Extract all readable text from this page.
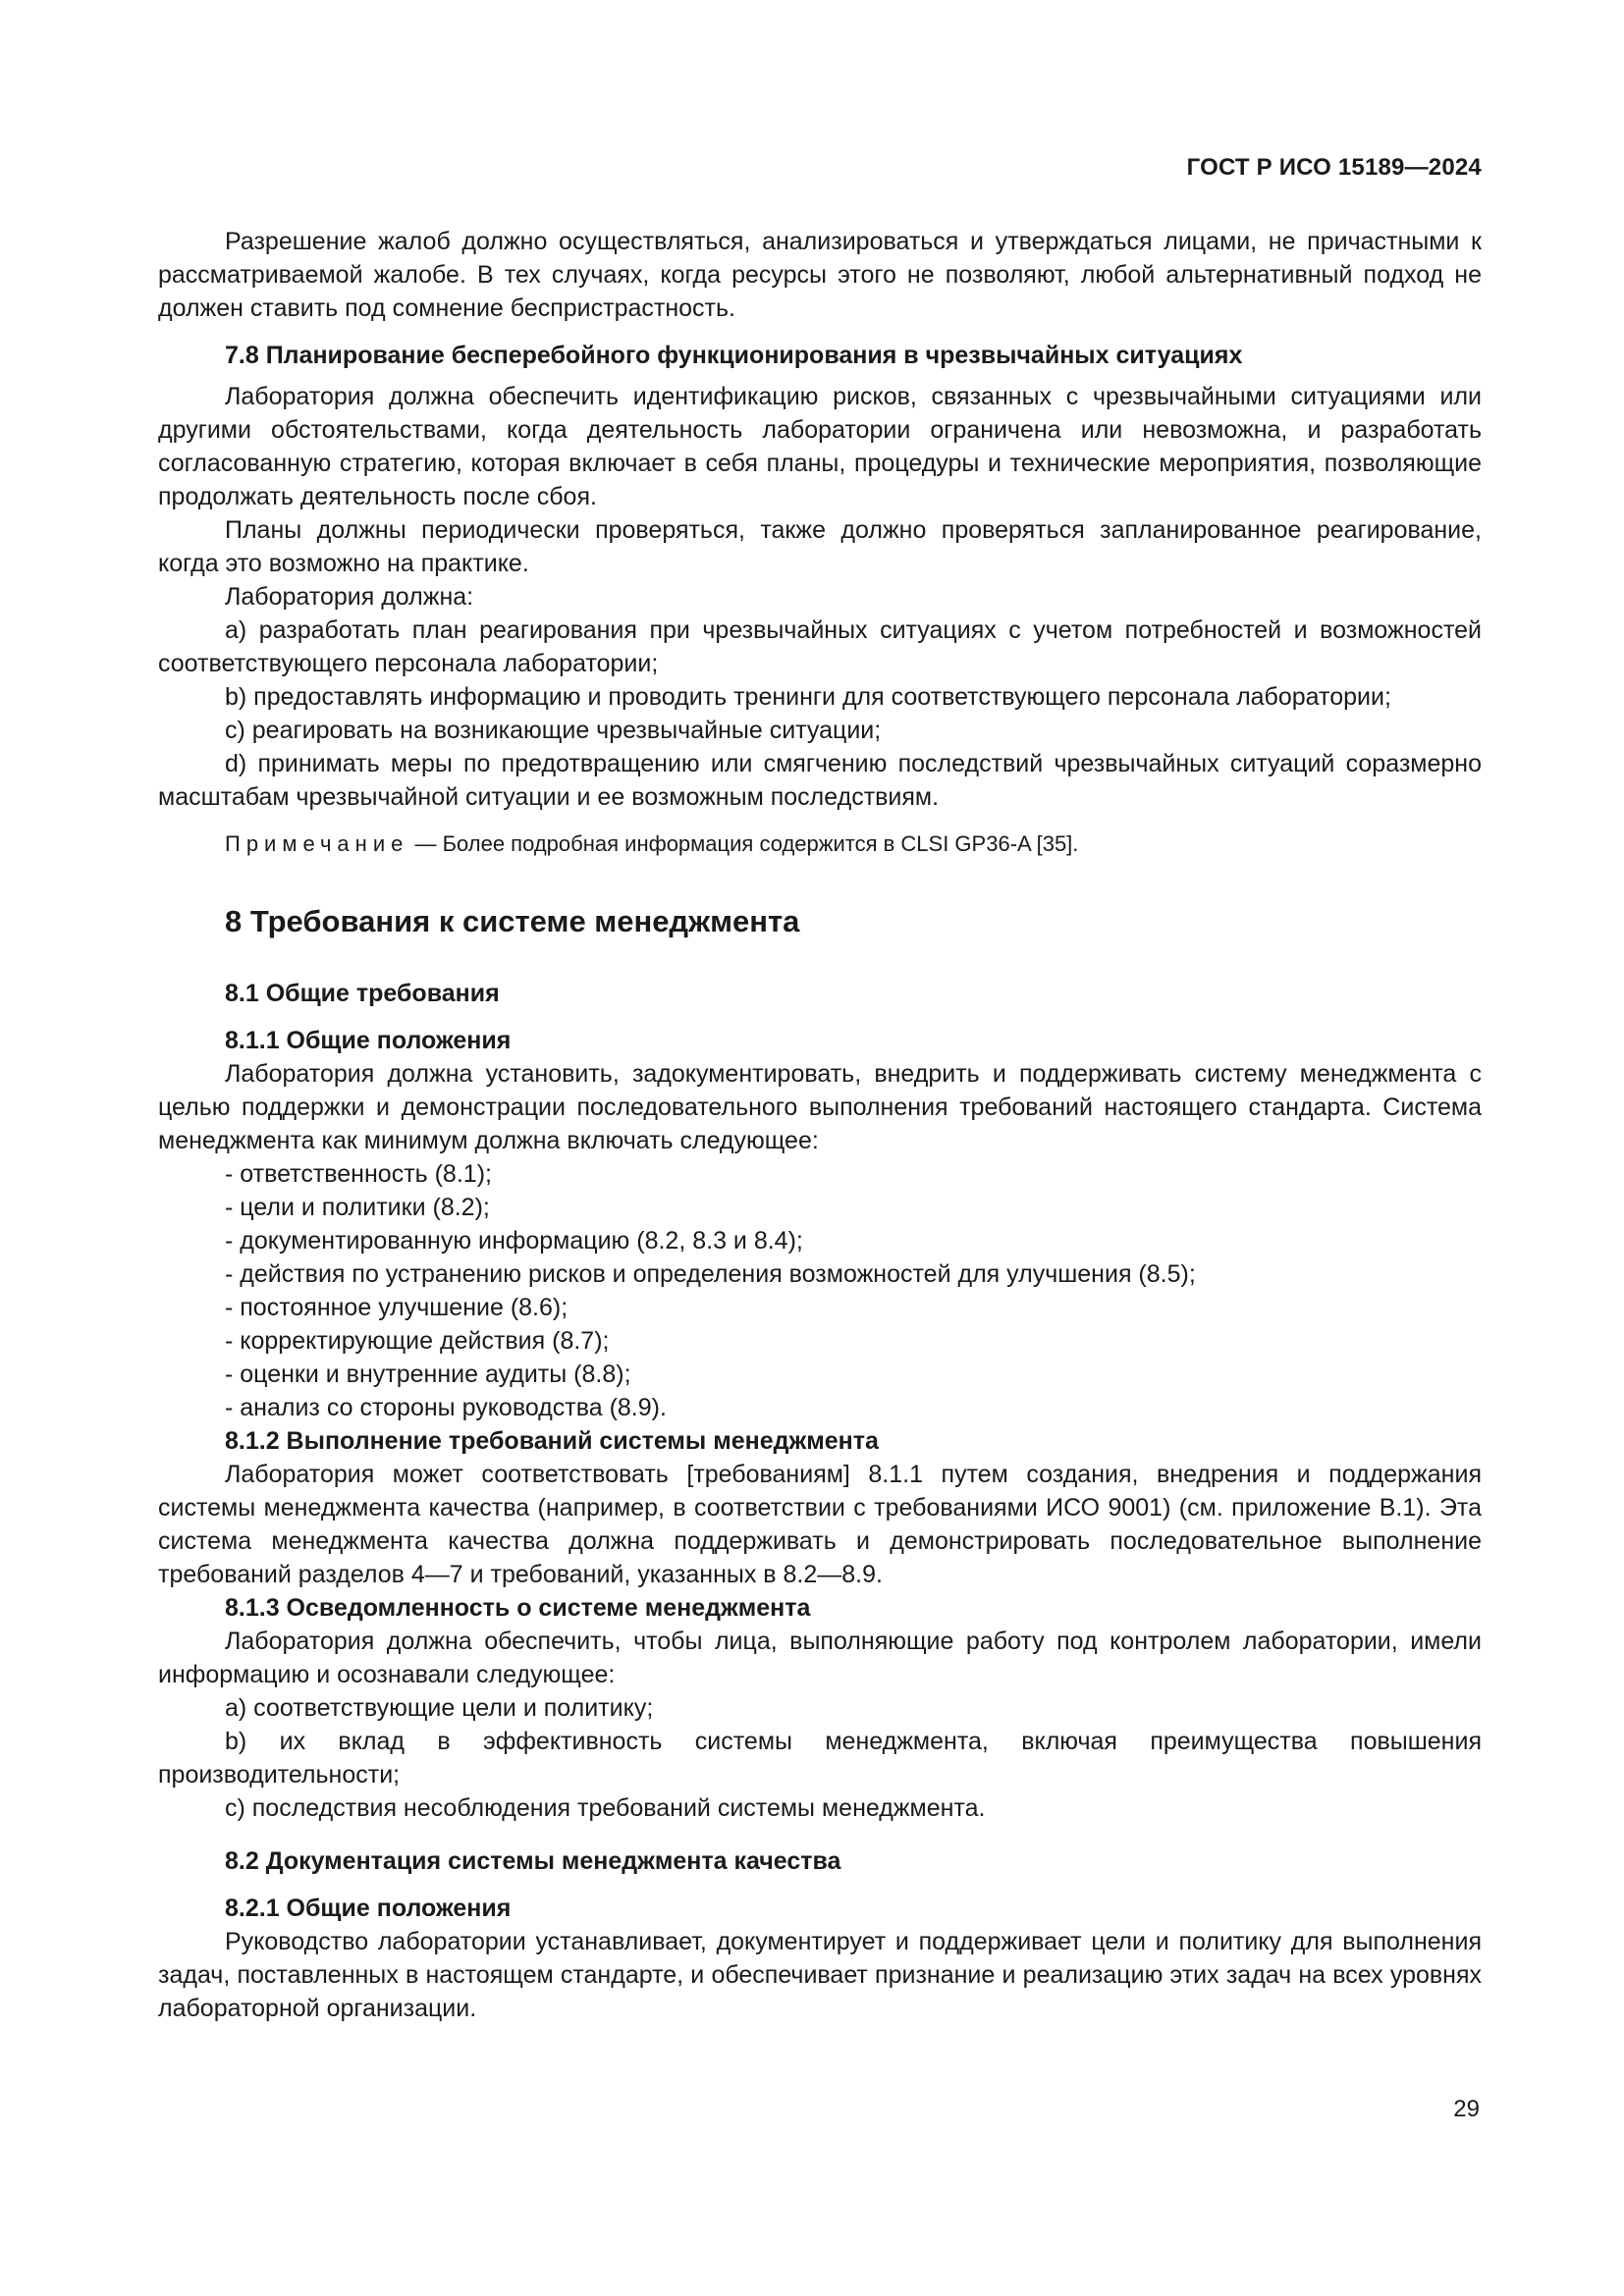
ГОСТ Р ИСО 15189—2024

Разрешение жалоб должно осуществляться, анализироваться и утверждаться лицами, не причастными к рассматриваемой жалобе. В тех случаях, когда ресурсы этого не позволяют, любой альтернативный подход не должен ставить под сомнение беспристрастность.

7.8 Планирование бесперебойного функционирования в чрезвычайных ситуациях

Лаборатория должна обеспечить идентификацию рисков, связанных с чрезвычайными ситуациями или другими обстоятельствами, когда деятельность лаборатории ограничена или невозможна, и разработать согласованную стратегию, которая включает в себя планы, процедуры и технические мероприятия, позволяющие продолжать деятельность после сбоя.

Планы должны периодически проверяться, также должно проверяться запланированное реагирование, когда это возможно на практике.

Лаборатория должна:

a) разработать план реагирования при чрезвычайных ситуациях с учетом потребностей и возможностей соответствующего персонала лаборатории;

b) предоставлять информацию и проводить тренинги для соответствующего персонала лаборатории;

c) реагировать на возникающие чрезвычайные ситуации;

d) принимать меры по предотвращению или смягчению последствий чрезвычайных ситуаций соразмерно масштабам чрезвычайной ситуации и ее возможным последствиям.

Примечание — Более подробная информация содержится в CLSI GP36-A [35].

8 Требования к системе менеджмента

8.1 Общие требования

8.1.1 Общие положения

Лаборатория должна установить, задокументировать, внедрить и поддерживать систему менеджмента с целью поддержки и демонстрации последовательного выполнения требований настоящего стандарта. Система менеджмента как минимум должна включать следующее:

- ответственность (8.1);

- цели и политики (8.2);

- документированную информацию (8.2, 8.3 и 8.4);

- действия по устранению рисков и определения возможностей для улучшения (8.5);

- постоянное улучшение (8.6);

- корректирующие действия (8.7);

- оценки и внутренние аудиты (8.8);

- анализ со стороны руководства (8.9).

8.1.2 Выполнение требований системы менеджмента

Лаборатория может соответствовать [требованиям] 8.1.1 путем создания, внедрения и поддержания системы менеджмента качества (например, в соответствии с требованиями ИСО 9001) (см. приложение В.1). Эта система менеджмента качества должна поддерживать и демонстрировать последовательное выполнение требований разделов 4—7 и требований, указанных в 8.2—8.9.

8.1.3 Осведомленность о системе менеджмента

Лаборатория должна обеспечить, чтобы лица, выполняющие работу под контролем лаборатории, имели информацию и осознавали следующее:

a) соответствующие цели и политику;

b) их вклад в эффективность системы менеджмента, включая преимущества повышения производительности;

c) последствия несоблюдения требований системы менеджмента.

8.2 Документация системы менеджмента качества

8.2.1 Общие положения

Руководство лаборатории устанавливает, документирует и поддерживает цели и политику для выполнения задач, поставленных в настоящем стандарте, и обеспечивает признание и реализацию этих задач на всех уровнях лабораторной организации.

29
